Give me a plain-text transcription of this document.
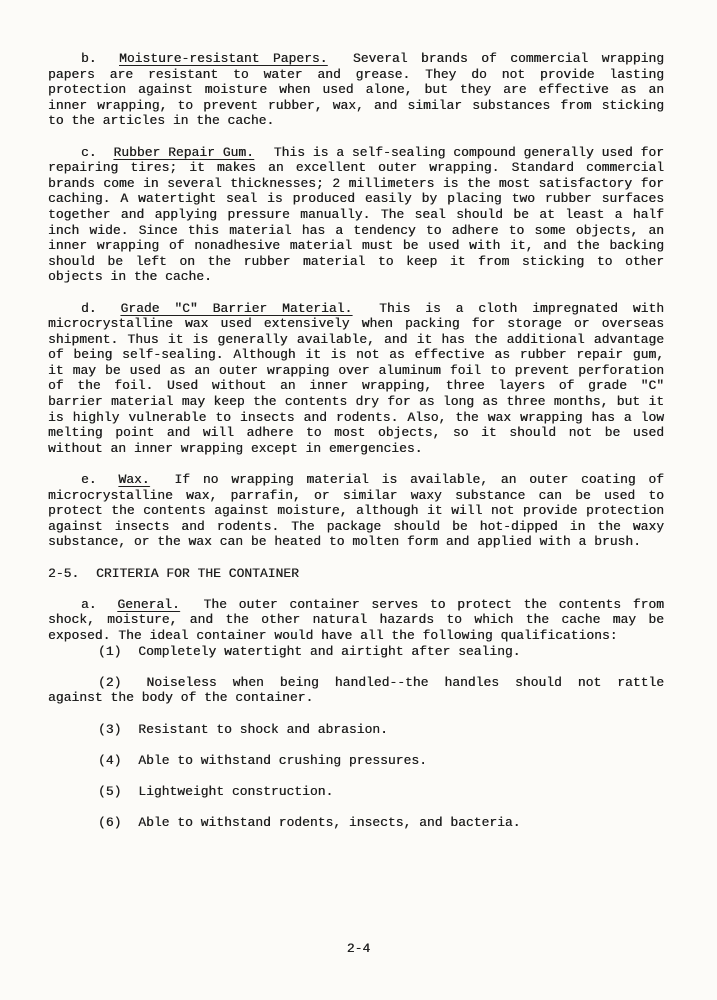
b. Moisture-resistant Papers. Several brands of commercial wrapping
papers are resistant to water and grease. They do not provide lasting
protection against moisture when used alone, but they are effective as an
inner wrapping, to prevent rubber, wax, and similar substances from sticking
to the articles in the cache.
c. Rubber Repair Gum. This is a self-sealing compound generally used for
repairing tires; it makes an excellent outer wrapping. Standard commercial
brands come in several thicknesses; 2 millimeters is the most satisfactory for
caching. A watertight seal is produced easily by placing two rubber surfaces
together and applying pressure manually. The seal should be at least a half
inch wide. Since this material has a tendency to adhere to some objects, an
inner wrapping of nonadhesive material must be used with it, and the backing
should be left on the rubber material to keep it from sticking to other
objects in the cache.
d. Grade "C" Barrier Material. This is a cloth impregnated with
microcrystalline wax used extensively when packing for storage or overseas
shipment. Thus it is generally available, and it has the additional advantage
of being self-sealing. Although it is not as effective as rubber repair gum,
it may be used as an outer wrapping over aluminum foil to prevent perforation
of the foil. Used without an inner wrapping, three layers of grade "C"
barrier material may keep the contents dry for as long as three months, but it
is highly vulnerable to insects and rodents. Also, the wax wrapping has a low
melting point and will adhere to most objects, so it should not be used
without an inner wrapping except in emergencies.
e. Wax. If no wrapping material is available, an outer coating of
microcrystalline wax, parrafin, or similar waxy substance can be used to
protect the contents against moisture, although it will not provide protection
against insects and rodents. The package should be hot-dipped in the waxy
substance, or the wax can be heated to molten form and applied with a brush.
2-5. CRITERIA FOR THE CONTAINER
a. General. The outer container serves to protect the contents from
shock, moisture, and the other natural hazards to which the cache may be
exposed. The ideal container would have all the following qualifications:
(1) Completely watertight and airtight after sealing.
(2) Noiseless when being handled--the handles should not rattle
against the body of the container.
(3) Resistant to shock and abrasion.
(4) Able to withstand crushing pressures.
(5) Lightweight construction.
(6) Able to withstand rodents, insects, and bacteria.
2-4
